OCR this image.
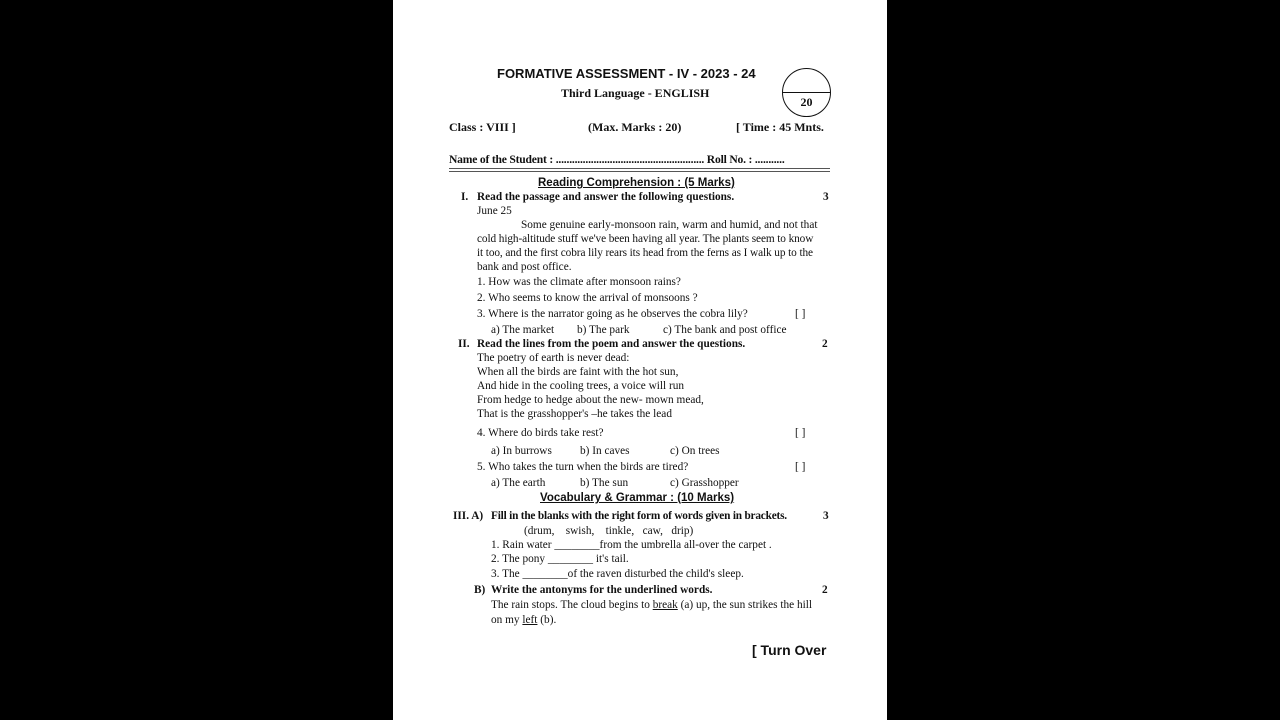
FORMATIVE ASSESSMENT - IV - 2023 - 24
Third Language - ENGLISH
20
Class : VIII ]	(Max. Marks : 20)	[ Time : 45 Mnts.
Name of the Student : ....................................................... Roll No. : ...........
Reading Comprehension : (5 Marks)
I. Read the passage and answer the following questions.	3
June 25
Some genuine early-monsoon rain, warm and humid, and not that
cold high-altitude stuff we've been having all year. The plants seem to know
it too, and the first cobra lily rears its head from the ferns as I walk up to the
bank and post office.
1. How was the climate after monsoon rains?
2. Who seems to know the arrival of monsoons ?
3. Where is the narrator going as he observes the cobra lily?	[ ]
a) The market b) The park	c) The bank and post office
II. Read the lines from the poem and answer the questions.	2
The poetry of earth is never dead:
When all the birds are faint with the hot sun,
And hide in the cooling trees, a voice will run
From hedge to hedge about the new- mown mead,
That is the grasshopper's –he takes the lead
4. Where do birds take rest?	[ ]
a) In burrows b) In caves	c) On trees
5. Who takes the turn when the birds are tired?	[ ]
a) The earth	b) The sun	c) Grasshopper
Vocabulary & Grammar : (10 Marks)
III. A) Fill in the blanks with the right form of words given in brackets.	3
(drum,    swish,    tinkle,   caw,   drip)
1. Rain water ________from the umbrella all-over the carpet .
2. The pony ________ it's tail.
3. The ________of the raven disturbed the child's sleep.
B) Write the antonyms for the underlined words.	2
The rain stops. The cloud begins to break (a) up, the sun strikes the hill
on my left (b).
[ Turn Over
